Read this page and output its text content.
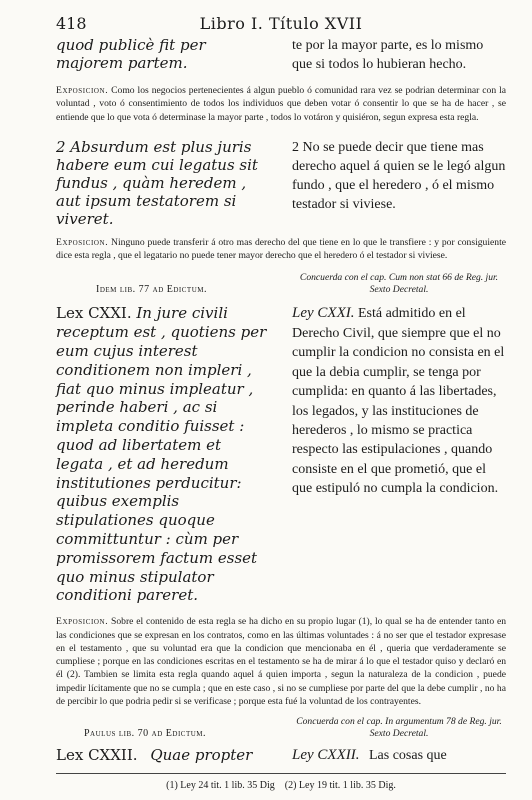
418	Libro I. Título XVII
quod publicè fit per majorem partem.
te por la mayor parte, es lo mismo que si todos lo hubieran hecho.
Exposicion. Como los negocios pertenecientes á algun pueblo ó comunidad rara vez se podrian determinar con la voluntad , voto ó consentimiento de todos los individuos que deben votar ó consentir lo que se ha de hacer , se entiende que lo que vota ó determinase la mayor parte , todos lo votáron y quisiéron, segun expresa esta regla.
2 Absurdum est plus juris habere eum cui legatus sit fundus , quàm heredem , aut ipsum testatorem si viveret.
2 No se puede decir que tiene mas derecho aquel á quien se le legó algun fundo , que el heredero , ó el mismo testador si viviese.
Exposicion. Ninguno puede transferir á otro mas derecho del que tiene en lo que le transfiere : y por consiguiente dice esta regla , que el legatario no puede tener mayor derecho que el heredero ó el testador si viviese.
Idem lib. 77 ad Edictum.
Concuerda con el cap. Cum non stat 66 de Reg. jur. Sexto Decretal.
Lex CXXI. In jure civili receptum est , quotiens per eum cujus interest conditionem non impleri , fiat quo minus impleatur , perinde haberi , ac si impleta conditio fuisset : quod ad libertatem et legata , et ad heredum institutiones perducitur: quibus exemplis stipulationes quoque committuntur : cùm per promissorem factum esset quo minus stipulator conditioni pareret.
Ley CXXI. Está admitido en el Derecho Civil, que siempre que el no cumplir la condicion no consista en el que la debia cumplir, se tenga por cumplida: en quanto á las libertades, los legados, y las instituciones de herederos , lo mismo se practica respecto las estipulaciones , quando consiste en el que prometió, que el que estipuló no cumpla la condicion.
Exposicion. Sobre el contenido de esta regla se ha dicho en su propio lugar (1), lo qual se ha de entender tanto en las condiciones que se expresan en los contratos, como en las últimas voluntades : á no ser que el testador expresase en el testamento , que su voluntad era que la condicion que mencionaba en él , queria que verdaderamente se cumpliese ; porque en las condiciones escritas en el testamento se ha de mirar á lo que el testador quiso y declaró en él (2). Tambien se limita esta regla quando aquel á quien importa , segun la naturaleza de la condicion , puede impedir lícitamente que no se cumpla ; que en este caso , si no se cumpliese por parte del que la debe cumplir , no ha de percibir lo que podria pedir si se verificase ; porque esta fué la voluntad de los contrayentes.
Paulus lib. 70 ad Edictum.
Concuerda con el cap. In argumentum 78 de Reg. jur. Sexto Decretal.
Lex CXXII. Quae propter	Ley CXXII. Las cosas que
(1) Ley 24 tit. 1 lib. 35 Dig (2) Ley 19 tit. 1 lib. 35 Dig.
